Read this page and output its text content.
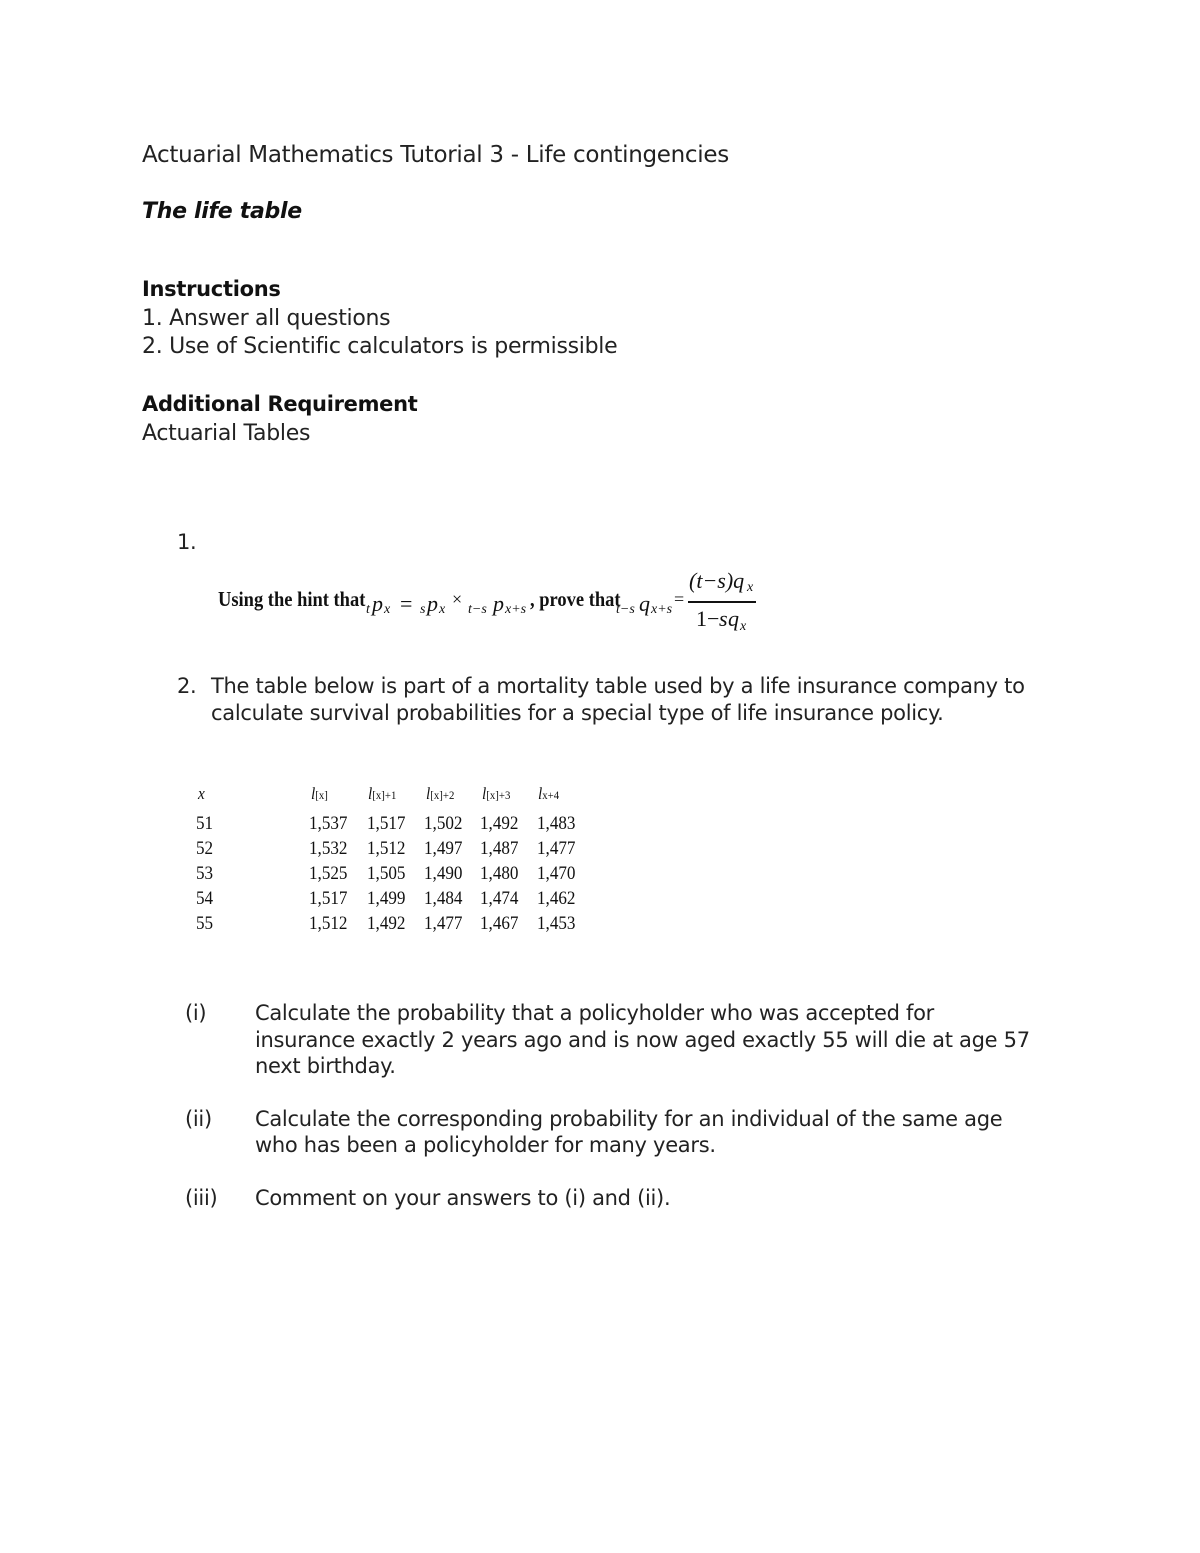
Actuarial Mathematics Tutorial 3 - Life contingencies
The life table
Instructions
1. Answer all questions
2. Use of Scientific calculators is permissible
Additional Requirement
Actuarial Tables
1.
Using the hint that t p x = s p x
×
t−s p x+s , prove that
t−s q x+s
=
(t−s)q x
1− s q x
2. The table below is part of a mortality table used by a life insurance company to
calculate survival probabilities for a special type of life insurance policy.
x	l[x] l[x]+1 l[x]+2 l[x]+3 lx+4
51	1,537 1,517 1,502 1,492 1,483
52	1,532 1,512 1,497 1,487 1,477
53	1,525 1,505 1,490 1,480 1,470
54	1,517 1,499 1,484 1,474 1,462
55	1,512 1,492 1,477 1,467 1,453
(i) Calculate the probability that a policyholder who was accepted for
insurance exactly 2 years ago and is now aged exactly 55 will die at age 57
next birthday.
(ii) Calculate the corresponding probability for an individual of the same age
who has been a policyholder for many years.
(iii) Comment on your answers to (i) and (ii).
